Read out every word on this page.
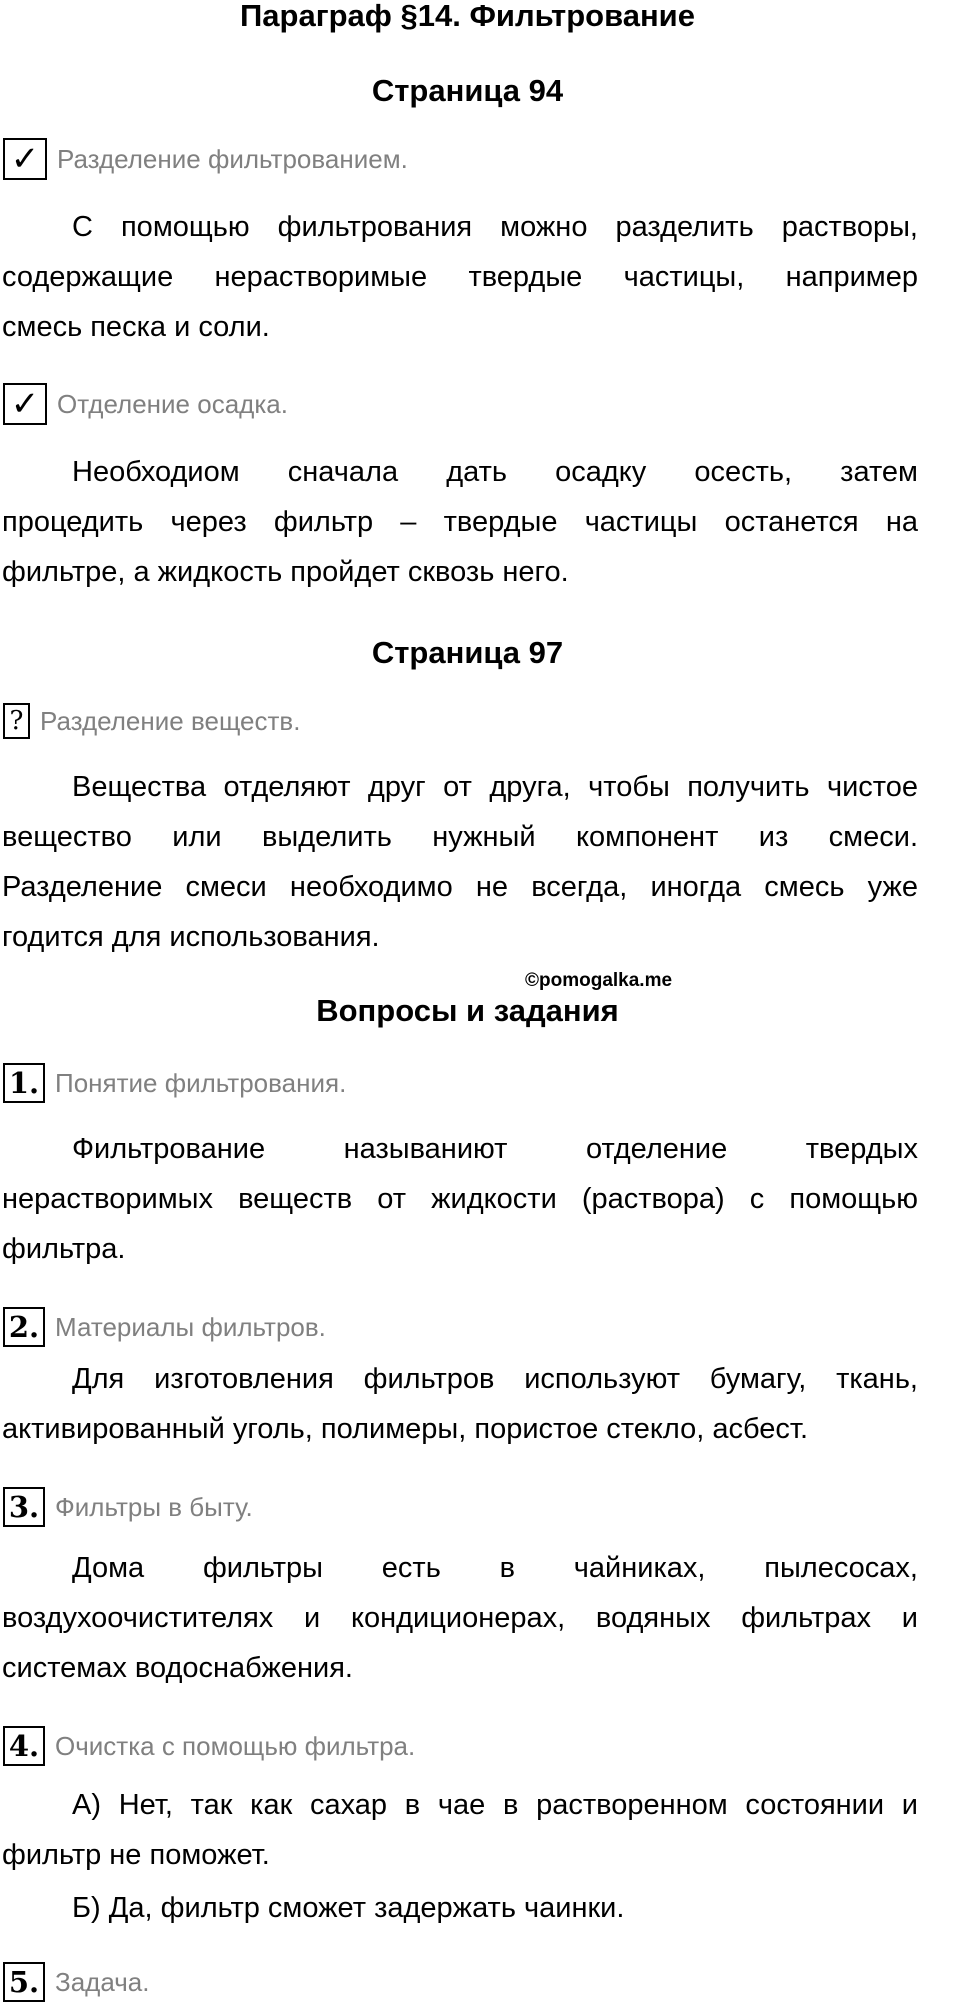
Параграф §14. Фильтрование
Страница 94
✓ Разделение фильтрованием.

С помощью фильтрования можно разделить растворы,
содержащие нерастворимые твердые частицы, например
смесь песка и соли.

✓ Отделение осадка.

Необходиом сначала дать осадку осесть, затем
процедить через фильтр – твердые частицы останется на
фильтре, а жидкость пройдет сквозь него.

Страница 97
? Разделение веществ.

Вещества отделяют друг от друга, чтобы получить чистое
вещество или выделить нужный компонент из смеси.
Разделение смеси необходимо не всегда, иногда смесь уже
годится для использования.

Вопросы и задания
©pomogalka.me
1. Понятие фильтрования.

Фильтрование называниют отделение твердых
нерастворимых веществ от жидкости (раствора) с помощью
фильтра.

2. Материалы фильтров.

Для изготовления фильтров используют бумагу, ткань,
активированный уголь, полимеры, пористое стекло, асбест.

3. Фильтры в быту.

Дома фильтры есть в чайниках, пылесосах,
воздухоочистителях и кондиционерах, водяных фильтрах и
системах водоснабжения.

4. Очистка с помощью фильтра.

А) Нет, так как сахар в чае в растворенном состоянии и
фильтр не поможет.

Б) Да, фильтр сможет задержать чаинки.

5. Задача.
